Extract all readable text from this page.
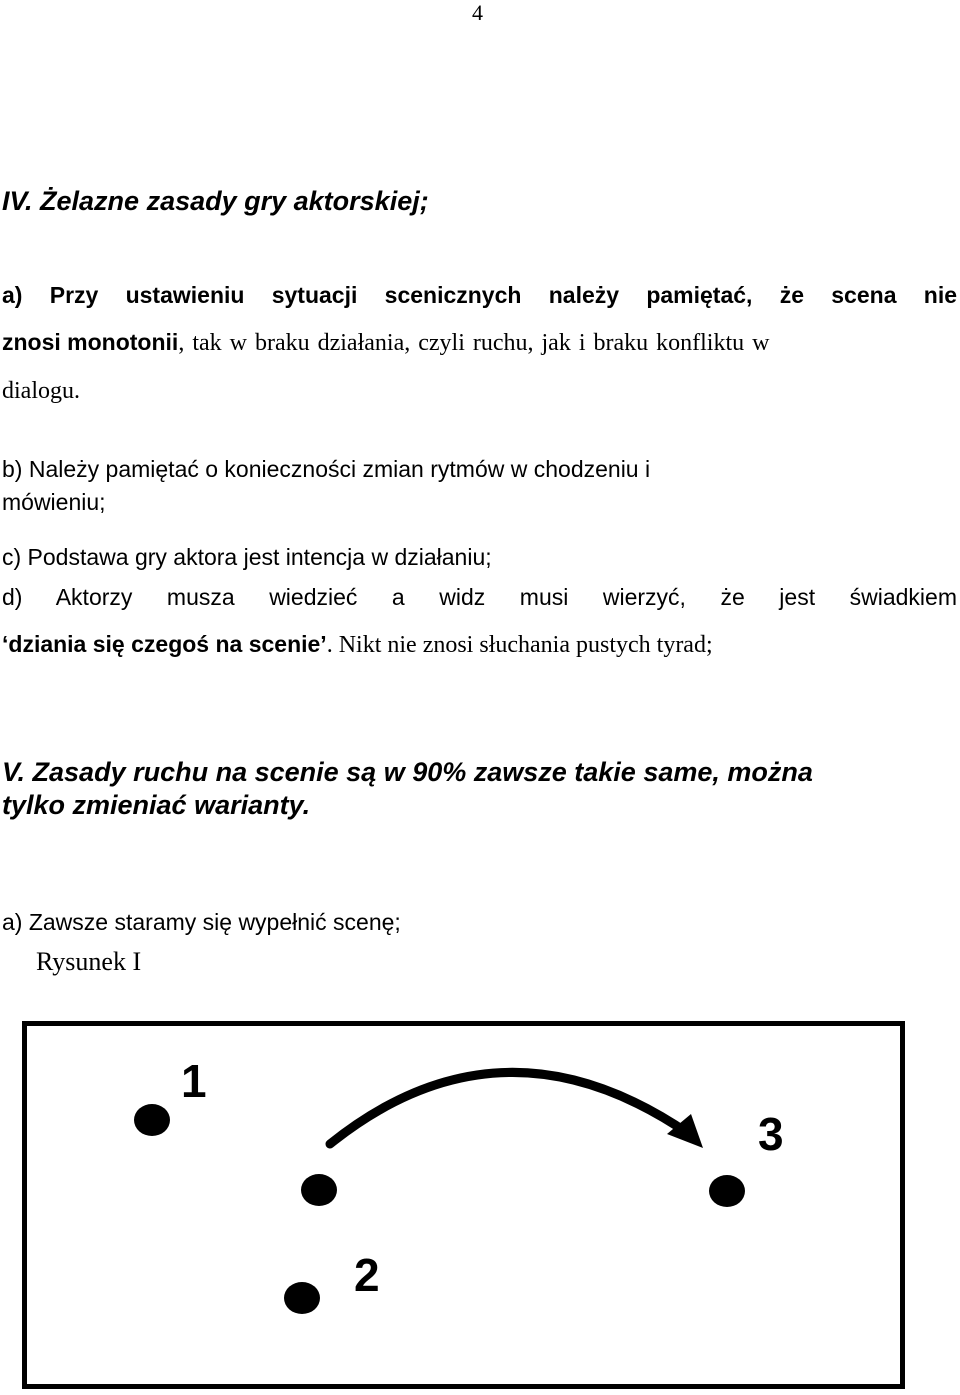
4
IV. Żelazne zasady gry aktorskiej;
a) Przy ustawieniu sytuacji scenicznych należy pamiętać, że scena nie
znosi monotonii, tak w braku działania, czyli ruchu, jak i braku konfliktu w
dialogu.
b) Należy pamiętać o konieczności zmian rytmów w chodzeniu i
mówieniu;
c) Podstawa gry aktora jest intencja w działaniu;
d) Aktorzy musza wiedzieć a widz musi wierzyć, że jest świadkiem
‘dziania się czegoś na scenie’. Nikt nie znosi słuchania pustych tyrad;
V. Zasady ruchu na scenie są w 90% zawsze takie same, można
tylko zmieniać warianty.
a) Zawsze staramy się wypełnić scenę;
Rysunek I
1
2
3
